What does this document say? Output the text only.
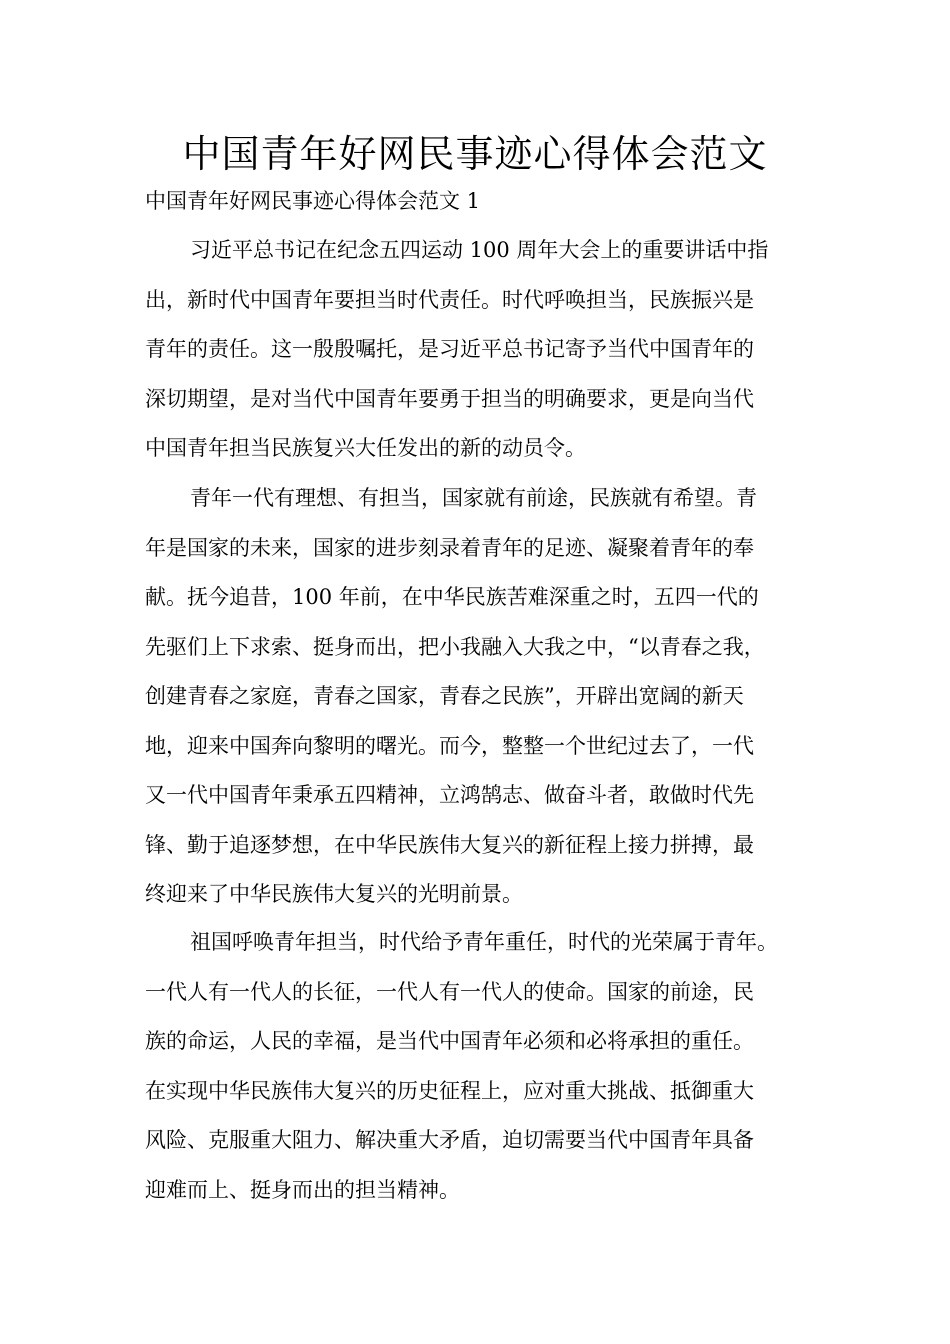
中国青年好网民事迹心得体会范文

中国青年好网民事迹心得体会范文 1

习近平总书记在纪念五四运动 100 周年大会上的重要讲话中指
出，新时代中国青年要担当时代责任。时代呼唤担当，民族振兴是
青年的责任。这一殷殷嘱托，是习近平总书记寄予当代中国青年的
深切期望，是对当代中国青年要勇于担当的明确要求，更是向当代
中国青年担当民族复兴大任发出的新的动员令。
青年一代有理想、有担当，国家就有前途，民族就有希望。青
年是国家的未来，国家的进步刻录着青年的足迹、凝聚着青年的奉
献。抚今追昔，100 年前，在中华民族苦难深重之时，五四一代的
先驱们上下求索、挺身而出，把小我融入大我之中，“以青春之我，
创建青春之家庭，青春之国家，青春之民族”，开辟出宽阔的新天
地，迎来中国奔向黎明的曙光。而今，整整一个世纪过去了，一代
又一代中国青年秉承五四精神，立鸿鹄志、做奋斗者，敢做时代先
锋、勤于追逐梦想，在中华民族伟大复兴的新征程上接力拼搏，最
终迎来了中华民族伟大复兴的光明前景。
祖国呼唤青年担当，时代给予青年重任，时代的光荣属于青年。
一代人有一代人的长征，一代人有一代人的使命。国家的前途，民
族的命运，人民的幸福，是当代中国青年必须和必将承担的重任。
在实现中华民族伟大复兴的历史征程上，应对重大挑战、抵御重大
风险、克服重大阻力、解决重大矛盾，迫切需要当代中国青年具备
迎难而上、挺身而出的担当精神。
